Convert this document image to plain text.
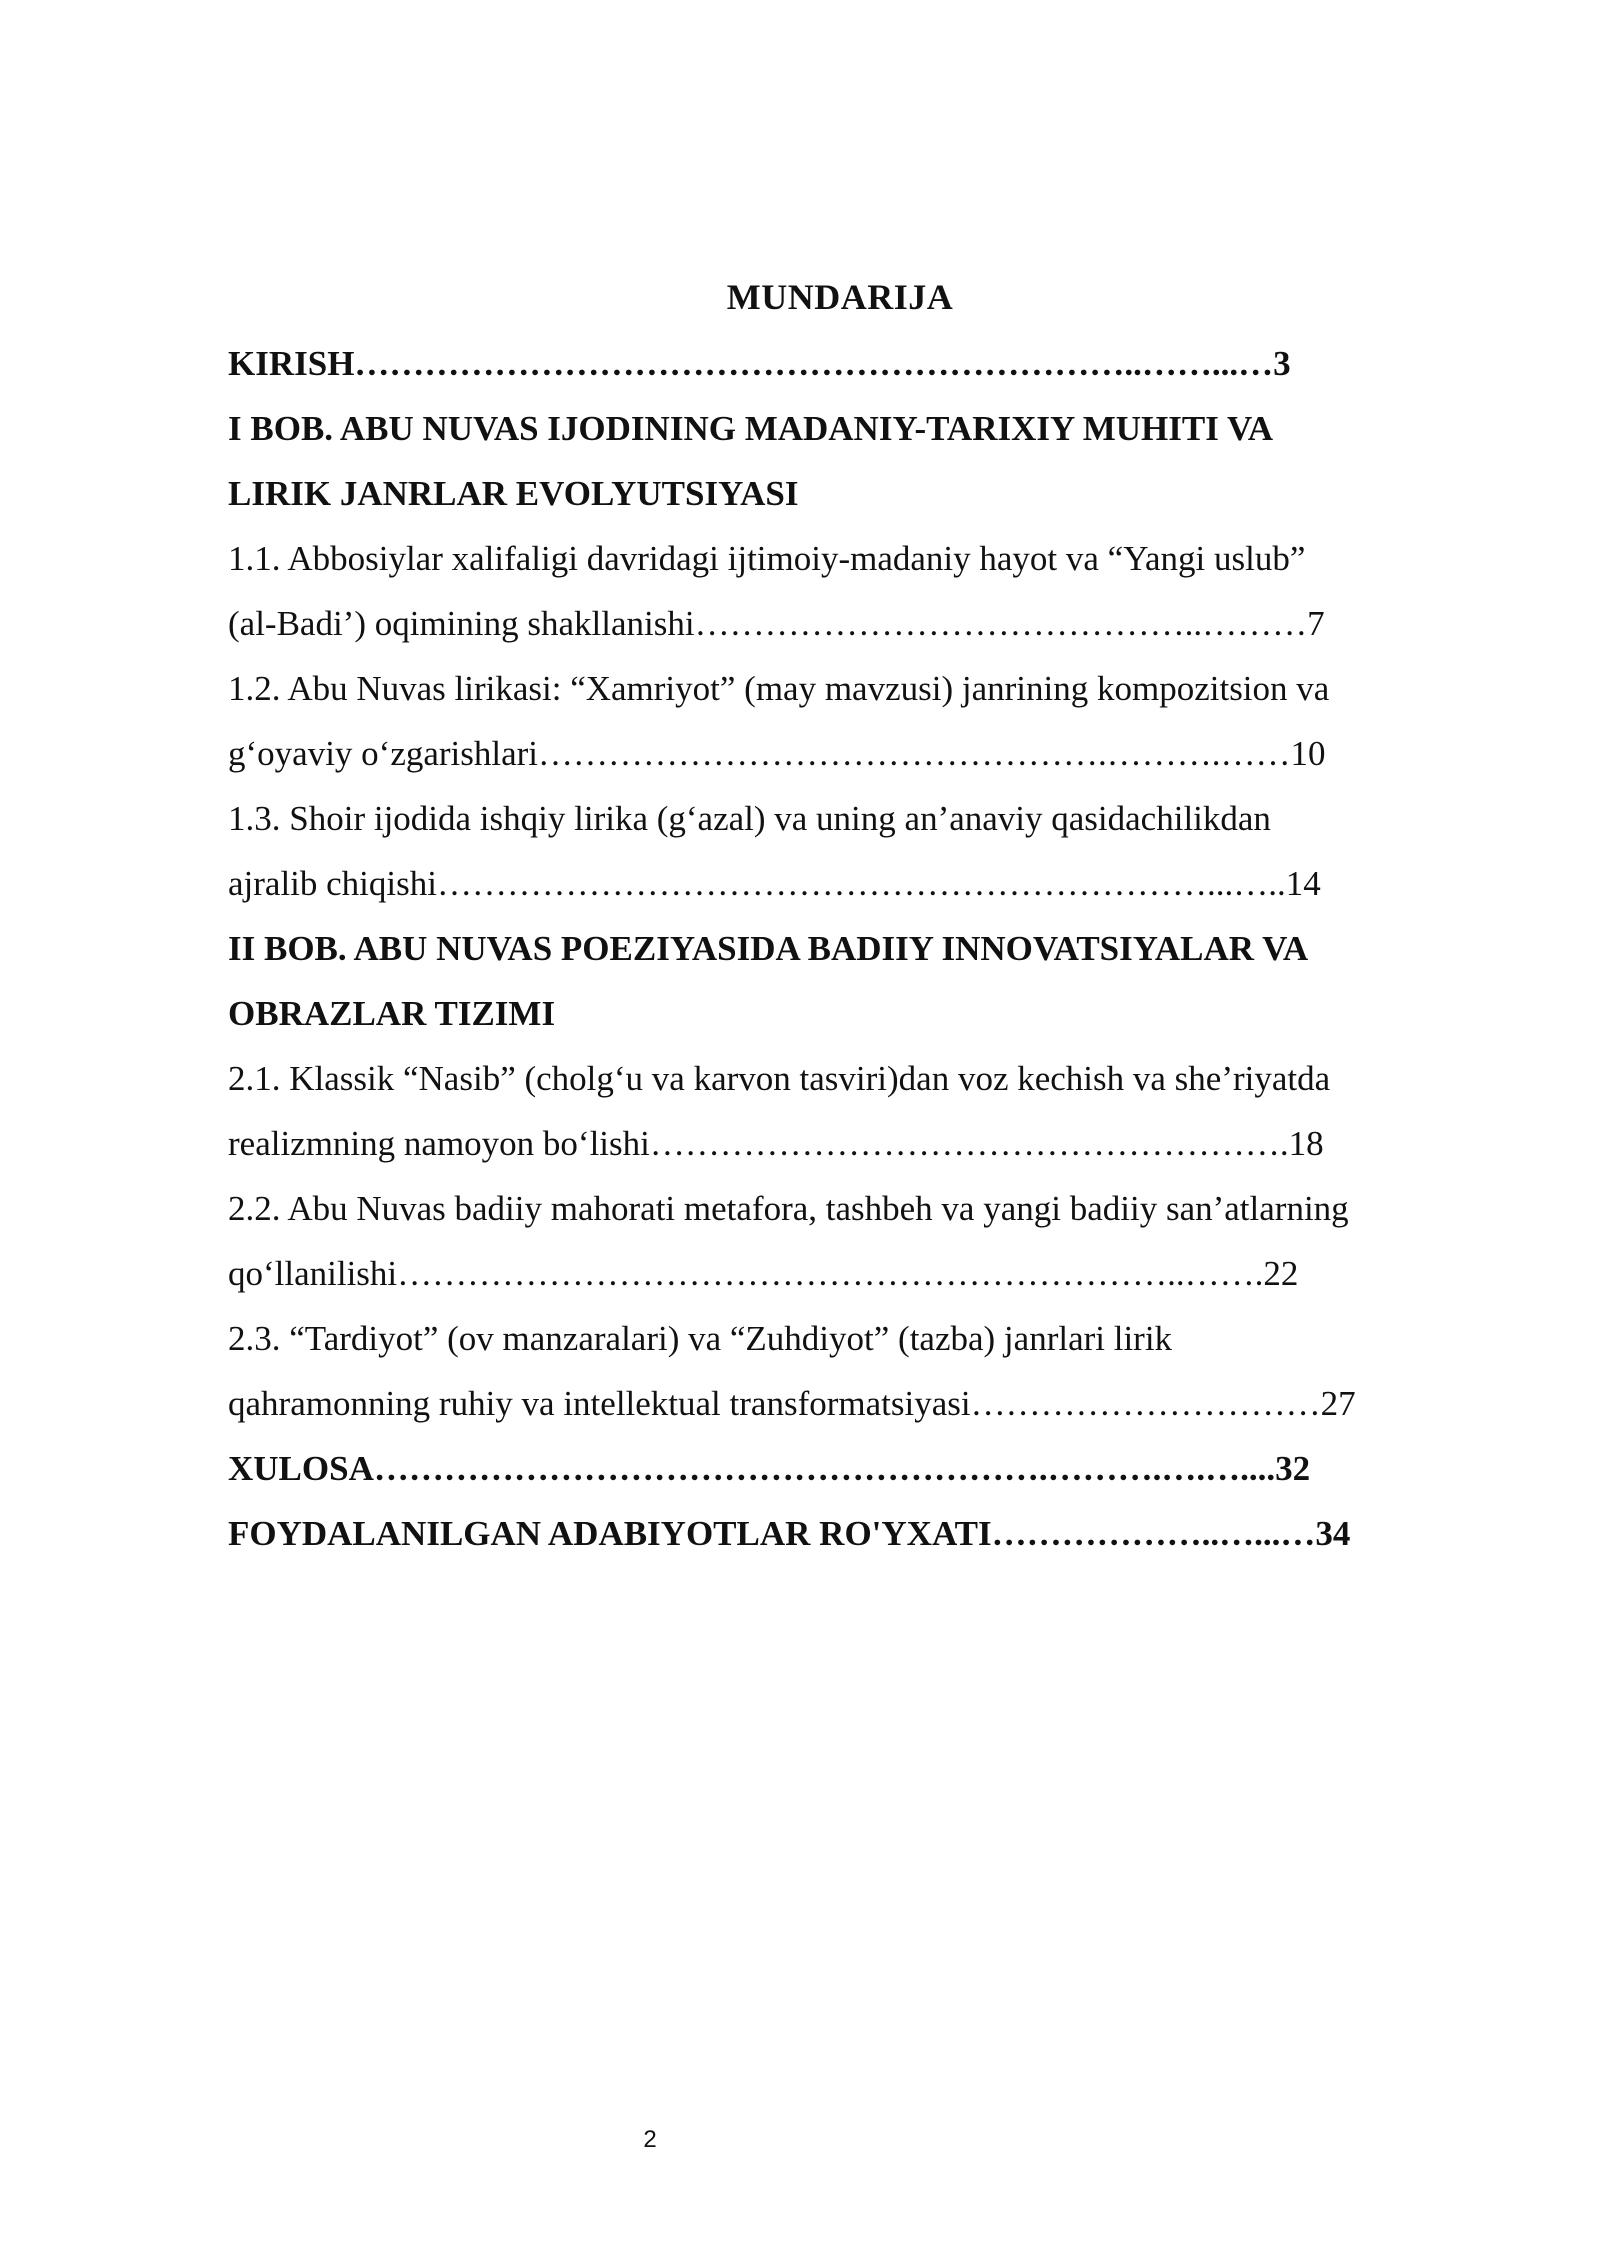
MUNDARIJA
KIRISH…………………………………………………………..……...…3
I BOB. ABU NUVAS IJODINING MADANIY-TARIXIY MUHITI VA
LIRIK JANRLAR EVOLYUTSIYASI
1.1. Abbosiylar xalifaligi davridagi ijtimoiy-madaniy hayot va “Yangi uslub”
(al-Badi’) oqimining shakllanishi……………………………………..………7
1.2. Abu Nuvas lirikasi: “Xamriyot” (may mavzusi) janrining kompozitsion va
g‘oyaviy o‘zgarishlari………………………………………….……….……10
1.3. Shoir ijodida ishqiy lirika (g‘azal) va uning an’anaviy qasidachilikdan
ajralib chiqishi…………………………………………………………...…..14
II BOB. ABU NUVAS POEZIYASIDA BADIIY INNOVATSIYALAR VA
OBRAZLAR TIZIMI
2.1. Klassik “Nasib” (cholg‘u va karvon tasviri)dan voz kechish va she’riyatda
realizmning namoyon bo‘lishi……………………………………………….18
2.2. Abu Nuvas badiiy mahorati metafora, tashbeh va yangi badiiy san’atlarning
qo‘llanilishi…………………………………………………………..…….22
2.3. “Tardiyot” (ov manzaralari) va “Zuhdiyot” (tazba) janrlari lirik
qahramonning ruhiy va intellektual transformatsiyasi…………………………27
XULOSA………………………………………………….……….….…....32
FOYDALANILGAN ADABIYOTLAR RO'YXATI………………..…...…34
2
